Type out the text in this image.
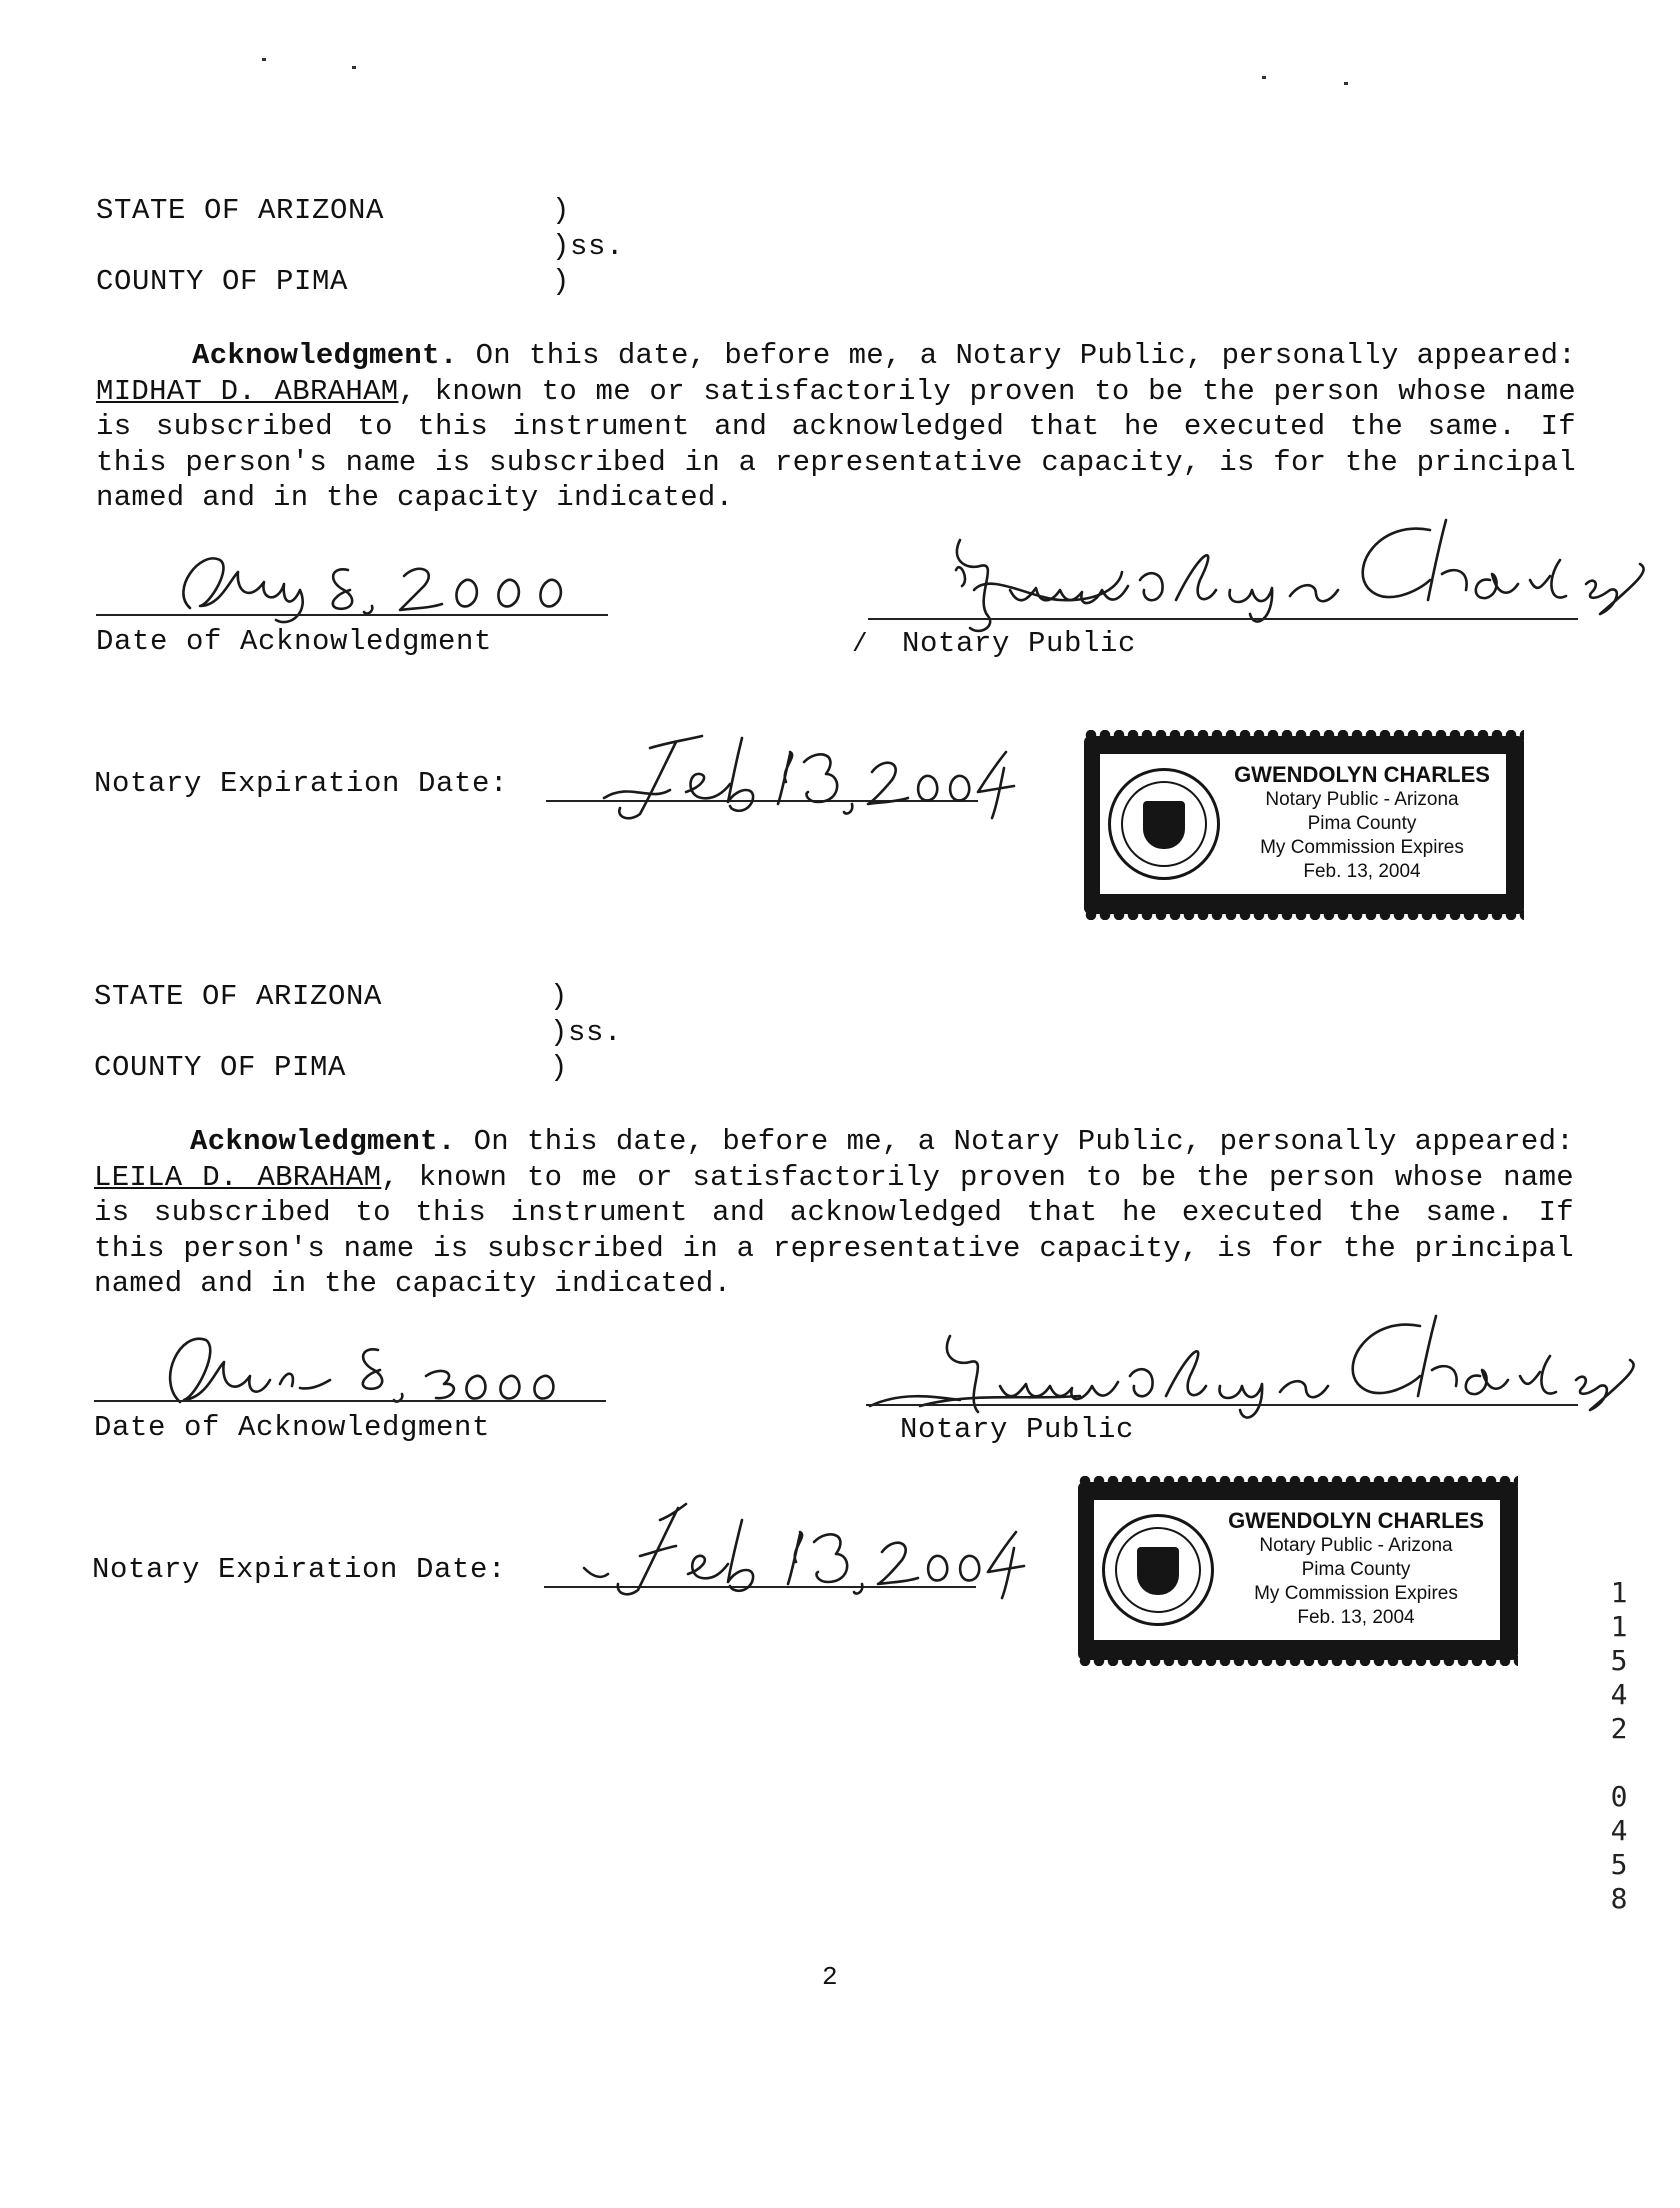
STATE OF ARIZONA	)
)ss.
COUNTY OF PIMA	)
Acknowledgment. On this date, before me, a Notary Public, personally appeared: MIDHAT D. ABRAHAM, known to me or satisfactorily proven to be the person whose name is subscribed to this instrument and acknowledged that he executed the same. If this person's name is subscribed in a representative capacity, is for the principal named and in the capacity indicated.
Date of Acknowledgment	/ Notary Public
Notary Expiration Date:	GWENDOLYN CHARLES
Notary Public - Arizona
Pima County
My Commission Expires
Feb. 13, 2004
STATE OF ARIZONA	)
)ss.
COUNTY OF PIMA	)
Acknowledgment. On this date, before me, a Notary Public, personally appeared: LEILA D. ABRAHAM, known to me or satisfactorily proven to be the person whose name is subscribed to this instrument and acknowledged that he executed the same. If this person's name is subscribed in a representative capacity, is for the principal named and in the capacity indicated.
Date of Acknowledgment	Notary Public
Notary Expiration Date:
GWENDOLYN CHARLES
Notary Public - Arizona
Pima County
My Commission Expires
Feb. 13, 2004
1
1
5
4
2
0
4
5
8
2
